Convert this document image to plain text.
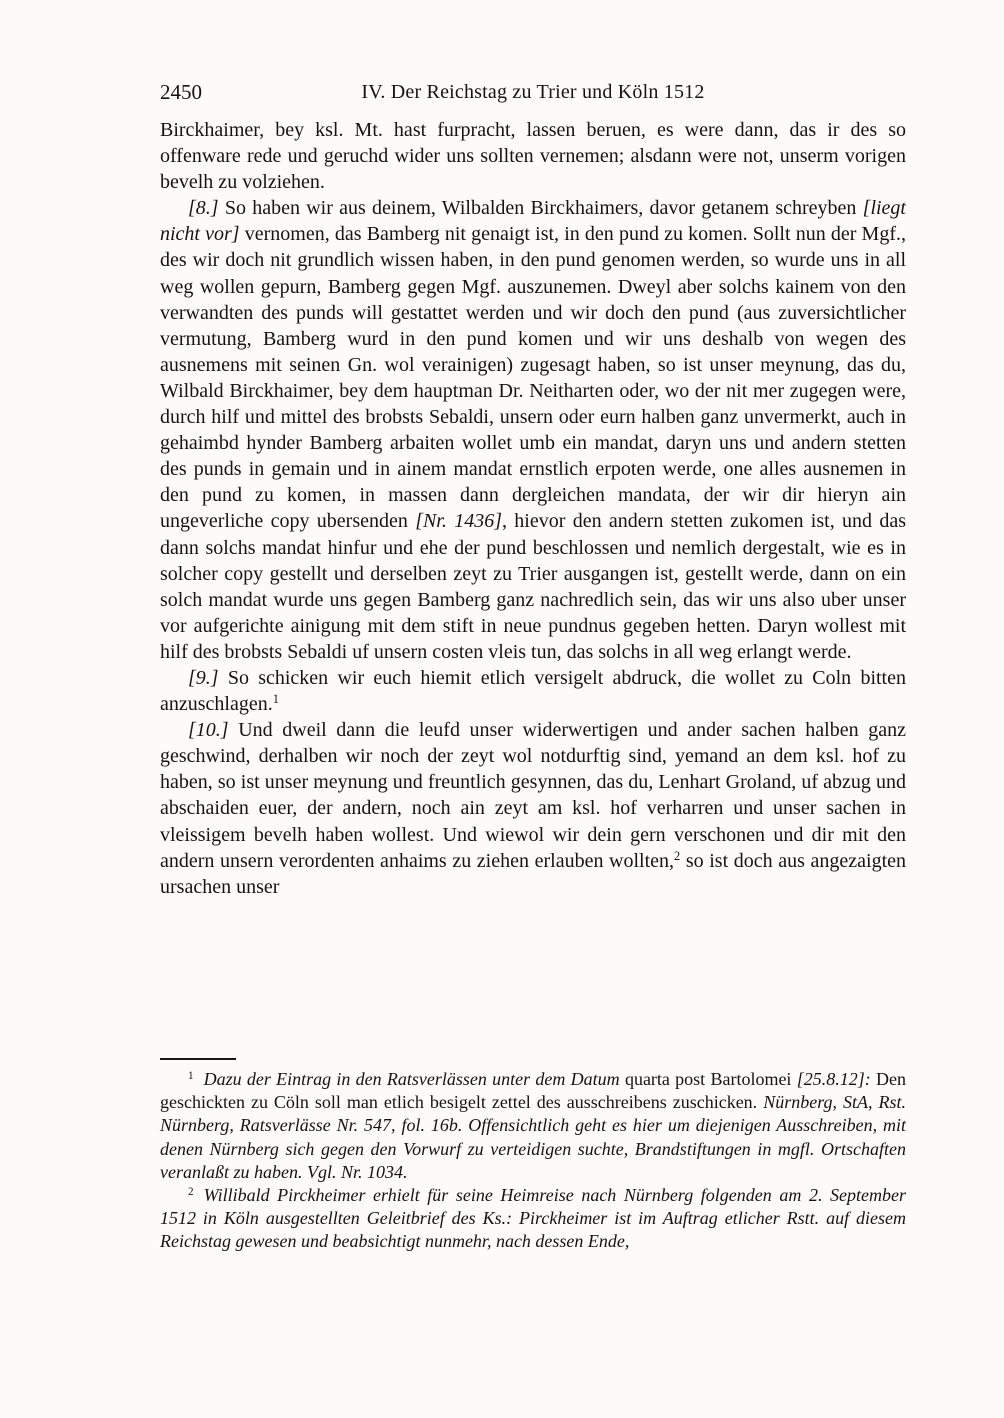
2450	IV. Der Reichstag zu Trier und Köln 1512

Birckhaimer, bey ksl. Mt. hast furpracht, lassen beruen, es were dann, das ir des so offenware rede und geruchd wider uns sollten vernemen; alsdann were not, unserm vorigen bevelh zu volziehen.

[8.] So haben wir aus deinem, Wilbalden Birckhaimers, davor getanem schreyben [liegt nicht vor] vernomen, das Bamberg nit genaigt ist, in den pund zu komen. Sollt nun der Mgf., des wir doch nit grundlich wissen haben, in den pund genomen werden, so wurde uns in all weg wollen gepurn, Bamberg gegen Mgf. auszunemen. Dweyl aber solchs kainem von den verwandten des punds will gestattet werden und wir doch den pund (aus zuversichtlicher vermutung, Bamberg wurd in den pund komen und wir uns deshalb von wegen des ausnemens mit seinen Gn. wol verainigen) zugesagt haben, so ist unser meynung, das du, Wilbald Birckhaimer, bey dem hauptman Dr. Neitharten oder, wo der nit mer zugegen were, durch hilf und mittel des brobsts Sebaldi, unsern oder eurn halben ganz unvermerkt, auch in gehaimbd hynder Bamberg arbaiten wollet umb ein mandat, daryn uns und andern stetten des punds in gemain und in ainem mandat ernstlich erpoten werde, one alles ausnemen in den pund zu komen, in massen dann dergleichen mandata, der wir dir hieryn ain ungeverliche copy ubersenden [Nr. 1436], hievor den andern stetten zukomen ist, und das dann solchs mandat hinfur und ehe der pund beschlossen und nemlich dergestalt, wie es in solcher copy gestellt und derselben zeyt zu Trier ausgangen ist, gestellt werde, dann on ein solch mandat wurde uns gegen Bamberg ganz nachredlich sein, das wir uns also uber unser vor aufgerichte ainigung mit dem stift in neue pundnus gegeben hetten. Daryn wollest mit hilf des brobsts Sebaldi uf unsern costen vleis tun, das solchs in all weg erlangt werde.

[9.] So schicken wir euch hiemit etlich versigelt abdruck, die wollet zu Coln bitten anzuschlagen.$^1$

[10.] Und dweil dann die leufd unser widerwertigen und ander sachen halben ganz geschwind, derhalben wir noch der zeyt wol notdurftig sind, yemand an dem ksl. hof zu haben, so ist unser meynung und freuntlich gesynnen, das du, Lenhart Groland, uf abzug und abschaiden euer, der andern, noch ain zeyt am ksl. hof verharren und unser sachen in vleissigem bevelh haben wollest. Und wiewol wir dein gern verschonen und dir mit den andern unsern verordenten anhaims zu ziehen erlauben wollten,$^2$ so ist doch aus angezaigten ursachen unser

$^1$ Dazu der Eintrag in den Ratsverlässen unter dem Datum quarta post Bartolomei [25.8.12]: Den geschickten zu Cöln soll man etlich besigelt zettel des ausschreibens zuschicken. Nürnberg, StA, Rst. Nürnberg, Ratsverlässe Nr. 547, fol. 16b. Offensichtlich geht es hier um diejenigen Ausschreiben, mit denen Nürnberg sich gegen den Vorwurf zu verteidigen suchte, Brandstiftungen in mgfl. Ortschaften veranlaßt zu haben. Vgl. Nr. 1034.

$^2$ Willibald Pirckheimer erhielt für seine Heimreise nach Nürnberg folgenden am 2. September 1512 in Köln ausgestellten Geleitbrief des Ks.: Pirckheimer ist im Auftrag etlicher Rstt. auf diesem Reichstag gewesen und beabsichtigt nunmehr, nach dessen Ende,
